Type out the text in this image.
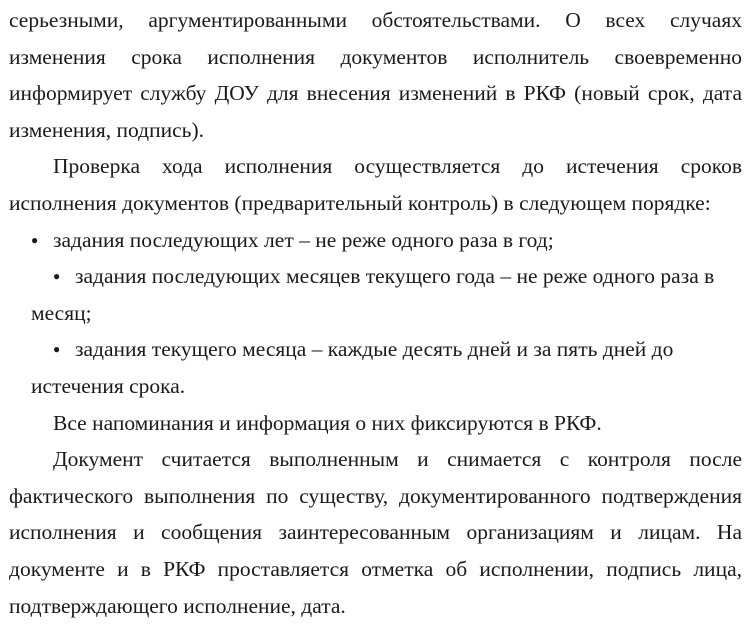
серьезными, аргументированными обстоятельствами. О всех случаях изменения срока исполнения документов исполнитель своевременно информирует службу ДОУ для внесения изменений в РКФ (новый срок, дата изменения, подпись).

Проверка хода исполнения осуществляется до истечения сроков исполнения документов (предварительный контроль) в следующем порядке:

● задания последующих лет – не реже одного раза в год;
● задания последующих месяцев текущего года – не реже одного раза в месяц;
● задания текущего месяца – каждые десять дней и за пять дней до истечения срока.

Все напоминания и информация о них фиксируются в РКФ.

Документ считается выполненным и снимается с контроля после фактического выполнения по существу, документированного подтверждения исполнения и сообщения заинтересованным организациям и лицам. На документе и в РКФ проставляется отметка об исполнении, подпись лица, подтверждающего исполнение, дата.
